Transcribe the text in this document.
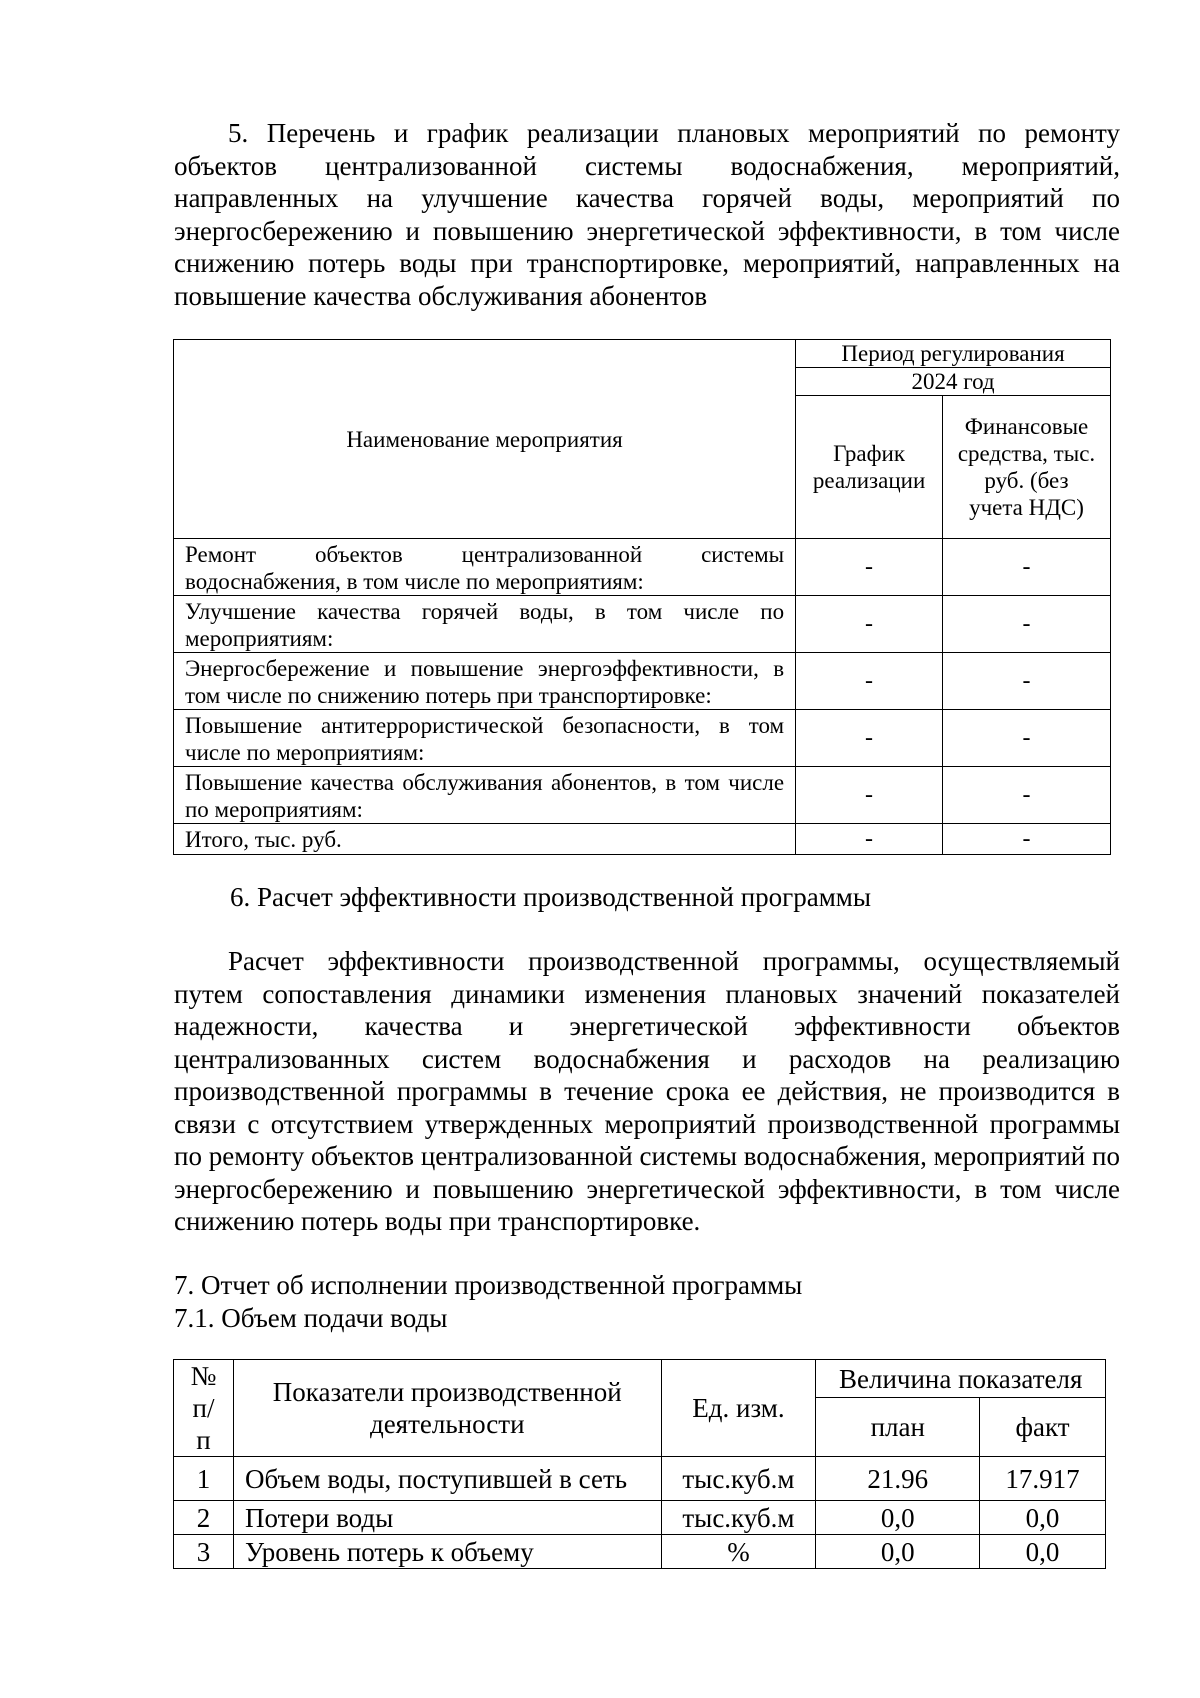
5. Перечень и график реализации плановых мероприятий по ремонту объектов централизованной системы водоснабжения, мероприятий, направленных на улучшение качества горячей воды, мероприятий по энергосбережению и повышению энергетической эффективности, в том числе снижению потерь воды при транспортировке, мероприятий, направленных на повышение качества обслуживания абонентов

Наименование мероприятия	Период регулирования	
	2024 год	
	График реализации	Финансовые средства, тыс. руб. (без учета НДС)
Ремонт объектов централизованной системы водоснабжения, в том числе по мероприятиям:	-	-
Улучшение качества горячей воды, в том числе по мероприятиям:	-	-
Энергосбережение и повышение энергоэффективности, в том числе по снижению потерь при транспортировке:	-	-
Повышение антитеррористической безопасности, в том числе по мероприятиям:	-	-
Повышение качества обслуживания абонентов, в том числе по мероприятиям:	-	-
Итого, тыс. руб.	-	-

6. Расчет эффективности производственной программы

Расчет эффективности производственной программы, осуществляемый путем сопоставления динамики изменения плановых значений показателей надежности, качества и энергетической эффективности объектов централизованных систем водоснабжения и расходов на реализацию производственной программы в течение срока ее действия, не производится в связи с отсутствием утвержденных мероприятий производственной программы по ремонту объектов централизованной системы водоснабжения, мероприятий по энергосбережению и повышению энергетической эффективности, в том числе снижению потерь воды при транспортировке.

7. Отчет об исполнении производственной программы

7.1. Объем подачи воды

№ п/п	Показатели производственной деятельности	Ед. изм.	Величина показателя	
			план	факт
1	Объем воды, поступившей в сеть	тыс.куб.м	21.96	17.917
2	Потери воды	тыс.куб.м	0,0	0,0
3	Уровень потерь к объему	%	0,0	0,0
